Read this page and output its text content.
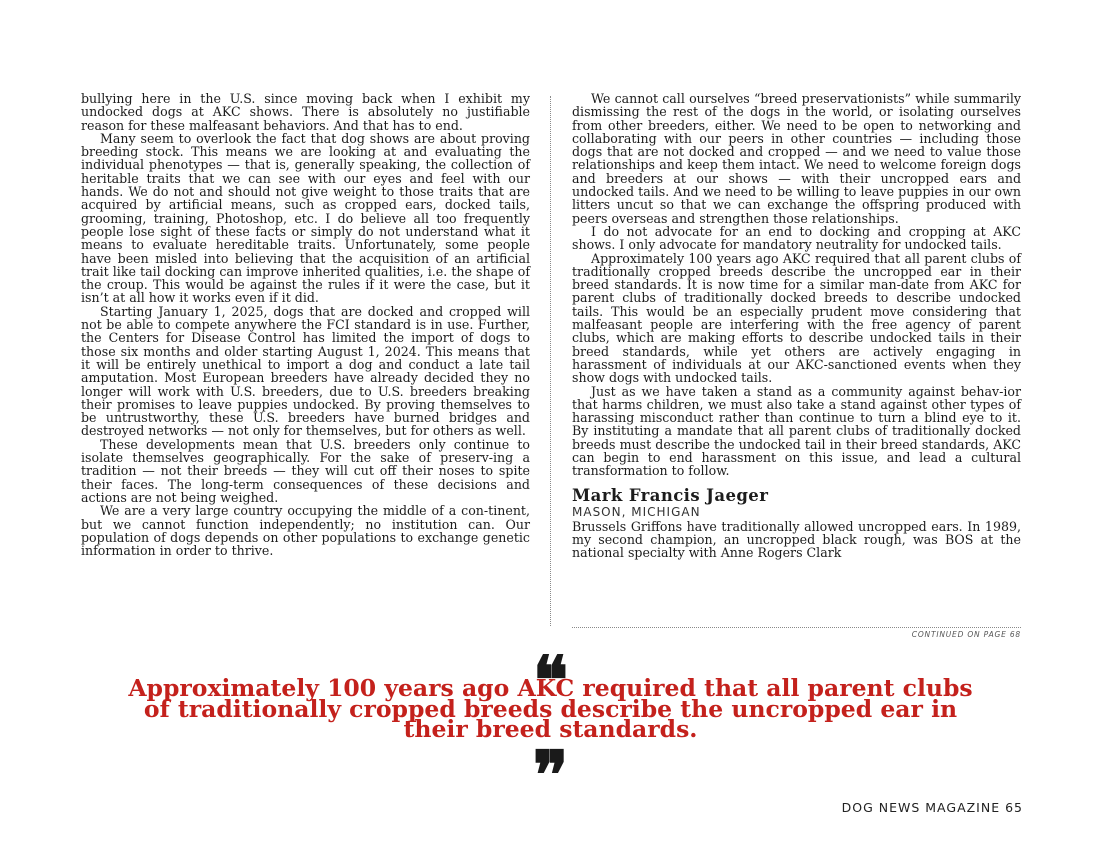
bullying here in the U.S. since moving back when I exhibit my undocked dogs at AKC shows. There is absolutely no justifiable reason for these malfeasant behaviors. And that has to end.

Many seem to overlook the fact that dog shows are about proving breeding stock. This means we are looking at and evaluating the individual phenotypes — that is, generally speaking, the collection of heritable traits that we can see with our eyes and feel with our hands. We do not and should not give weight to those traits that are acquired by artificial means, such as cropped ears, docked tails, grooming, training, Photoshop, etc. I do believe all too frequently people lose sight of these facts or simply do not understand what it means to evaluate hereditable traits. Unfortunately, some people have been misled into believing that the acquisition of an artificial trait like tail docking can improve inherited qualities, i.e. the shape of the croup. This would be against the rules if it were the case, but it isn’t at all how it works even if it did.

Starting January 1, 2025, dogs that are docked and cropped will not be able to compete anywhere the FCI standard is in use. Further, the Centers for Disease Control has limited the import of dogs to those six months and older starting August 1, 2024. This means that it will be entirely unethical to import a dog and conduct a late tail amputation. Most European breeders have already decided they no longer will work with U.S. breeders, due to U.S. breeders breaking their promises to leave puppies undocked. By proving themselves to be untrustworthy, these U.S. breeders have burned bridges and destroyed networks — not only for themselves, but for others as well.

These developments mean that U.S. breeders only continue to isolate themselves geographically. For the sake of preserv-ing a tradition — not their breeds — they will cut off their noses to spite their faces. The long-term consequences of these decisions and actions are not being weighed.

We are a very large country occupying the middle of a con-tinent, but we cannot function independently; no institution can. Our population of dogs depends on other populations to exchange genetic information in order to thrive.

We cannot call ourselves “breed preservationists” while summarily dismissing the rest of the dogs in the world, or isolating ourselves from other breeders, either. We need to be open to networking and collaborating with our peers in other countries — including those dogs that are not docked and cropped — and we need to value those relationships and keep them intact. We need to welcome foreign dogs and breeders at our shows — with their uncropped ears and undocked tails. And we need to be willing to leave puppies in our own litters uncut so that we can exchange the offspring produced with peers overseas and strengthen those relationships.

I do not advocate for an end to docking and cropping at AKC shows. I only advocate for mandatory neutrality for undocked tails.

Approximately 100 years ago AKC required that all parent clubs of traditionally cropped breeds describe the uncropped ear in their breed standards. It is now time for a similar man-date from AKC for parent clubs of traditionally docked breeds to describe undocked tails. This would be an especially prudent move considering that malfeasant people are interfering with the free agency of parent clubs, which are making efforts to describe undocked tails in their breed standards, while yet others are actively engaging in harassment of individuals at our AKC-sanctioned events when they show dogs with undocked tails.

Just as we have taken a stand as a community against behav-ior that harms children, we must also take a stand against other types of harassing misconduct rather than continue to turn a blind eye to it. By instituting a mandate that all parent clubs of traditionally docked breeds must describe the undocked tail in their breed standards, AKC can begin to end harassment on this issue, and lead a cultural transformation to follow.

Mark Francis Jaeger

MASON, MICHIGAN

Brussels Griffons have traditionally allowed uncropped ears. In 1989, my second champion, an uncropped black rough, was BOS at the national specialty with Anne Rogers Clark

CONTINUED ON PAGE 68
Approximately 100 years ago AKC required that all parent clubs of traditionally cropped breeds describe the uncropped ear in their breed standards.
DOG NEWS MAGAZINE 65
